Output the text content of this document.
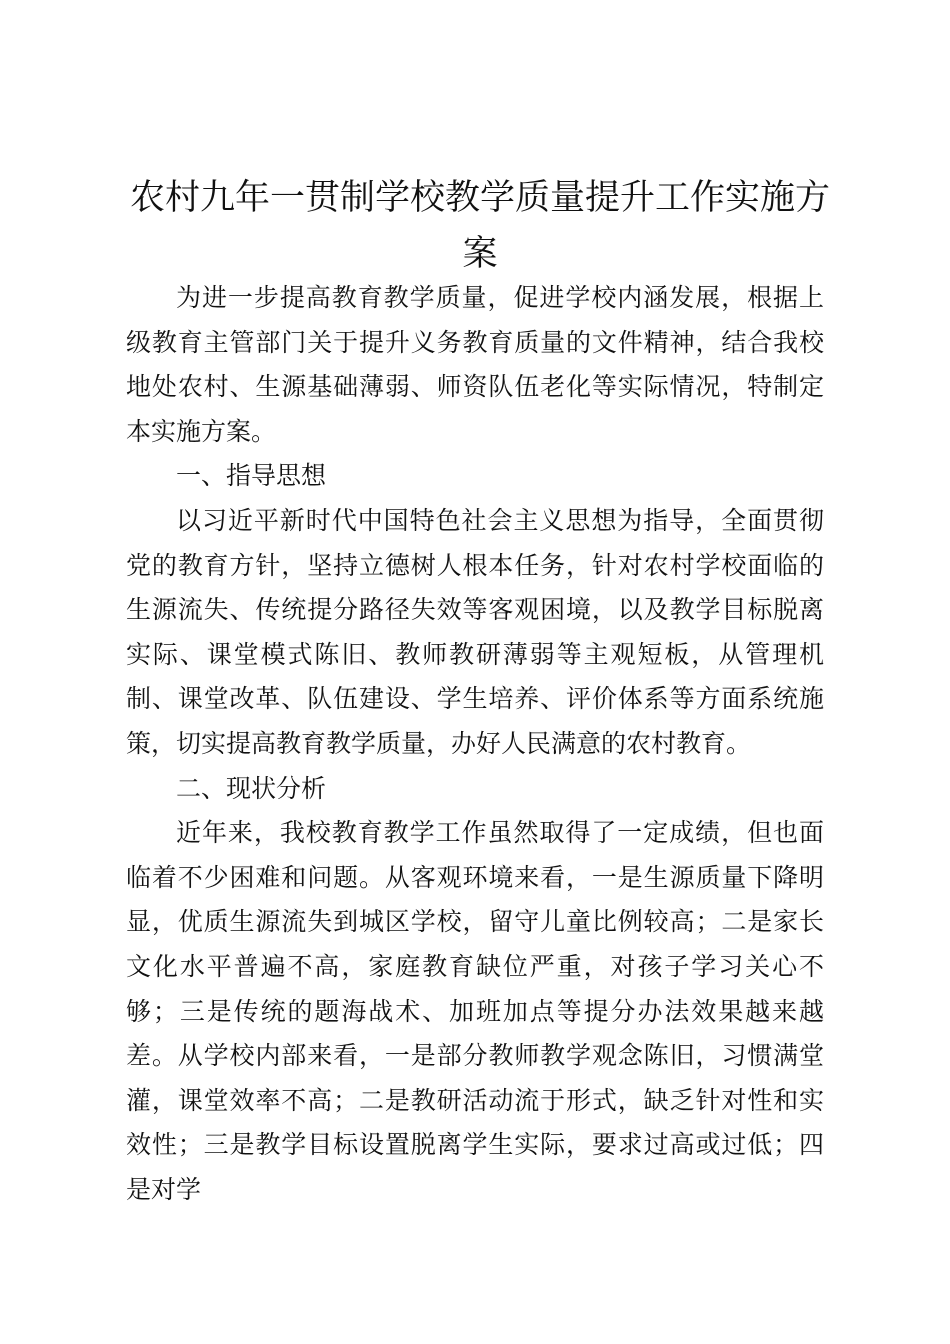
农村九年一贯制学校教学质量提升工作实施方案

为进一步提高教育教学质量，促进学校内涵发展，根据上级教育主管部门关于提升义务教育质量的文件精神，结合我校地处农村、生源基础薄弱、师资队伍老化等实际情况，特制定本实施方案。

一、指导思想

以习近平新时代中国特色社会主义思想为指导，全面贯彻党的教育方针，坚持立德树人根本任务，针对农村学校面临的生源流失、传统提分路径失效等客观困境，以及教学目标脱离实际、课堂模式陈旧、教师教研薄弱等主观短板，从管理机制、课堂改革、队伍建设、学生培养、评价体系等方面系统施策，切实提高教育教学质量，办好人民满意的农村教育。

二、现状分析

近年来，我校教育教学工作虽然取得了一定成绩，但也面临着不少困难和问题。从客观环境来看，一是生源质量下降明显，优质生源流失到城区学校，留守儿童比例较高；二是家长文化水平普遍不高，家庭教育缺位严重，对孩子学习关心不够；三是传统的题海战术、加班加点等提分办法效果越来越差。从学校内部来看，一是部分教师教学观念陈旧，习惯满堂灌，课堂效率不高；二是教研活动流于形式，缺乏针对性和实效性；三是教学目标设置脱离学生实际，要求过高或过低；四是对学
